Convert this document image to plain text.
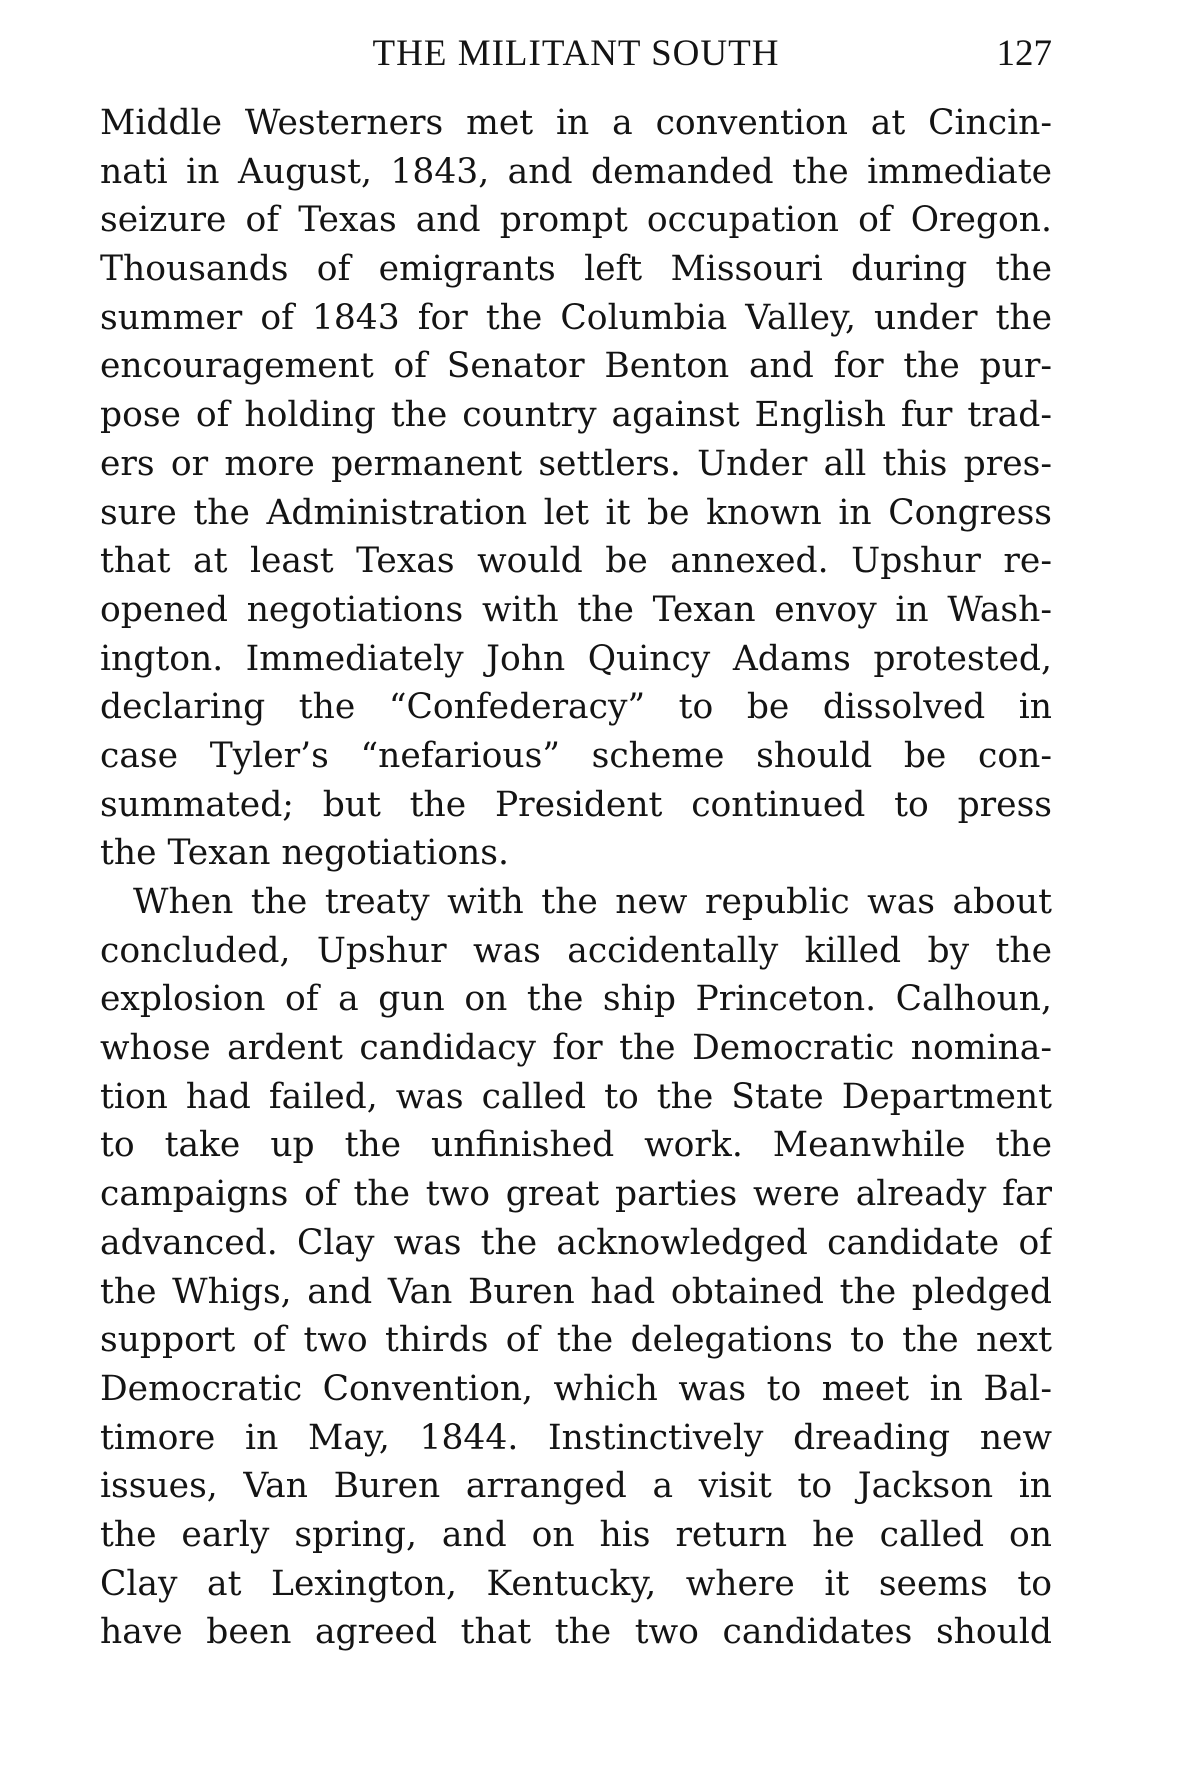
THE MILITANT SOUTH	127
Middle Westerners met in a convention at Cincin-
nati in August, 1843, and demanded the immediate
seizure of Texas and prompt occupation of Oregon.
Thousands of emigrants left Missouri during the
summer of 1843 for the Columbia Valley, under the
encouragement of Senator Benton and for the pur-
pose of holding the country against English fur trad-
ers or more permanent settlers. Under all this pres-
sure the Administration let it be known in Congress
that at least Texas would be annexed. Upshur re-
opened negotiations with the Texan envoy in Wash-
ington. Immediately John Quincy Adams protested,
declaring the “Confederacy” to be dissolved in
case Tyler’s “nefarious” scheme should be con-
summated; but the President continued to press
the Texan negotiations.
When the treaty with the new republic was about
concluded, Upshur was accidentally killed by the
explosion of a gun on the ship Princeton. Calhoun,
whose ardent candidacy for the Democratic nomina-
tion had failed, was called to the State Department
to take up the unfinished work. Meanwhile the
campaigns of the two great parties were already far
advanced. Clay was the acknowledged candidate of
the Whigs, and Van Buren had obtained the pledged
support of two thirds of the delegations to the next
Democratic Convention, which was to meet in Bal-
timore in May, 1844. Instinctively dreading new
issues, Van Buren arranged a visit to Jackson in
the early spring, and on his return he called on
Clay at Lexington, Kentucky, where it seems to
have been agreed that the two candidates should
